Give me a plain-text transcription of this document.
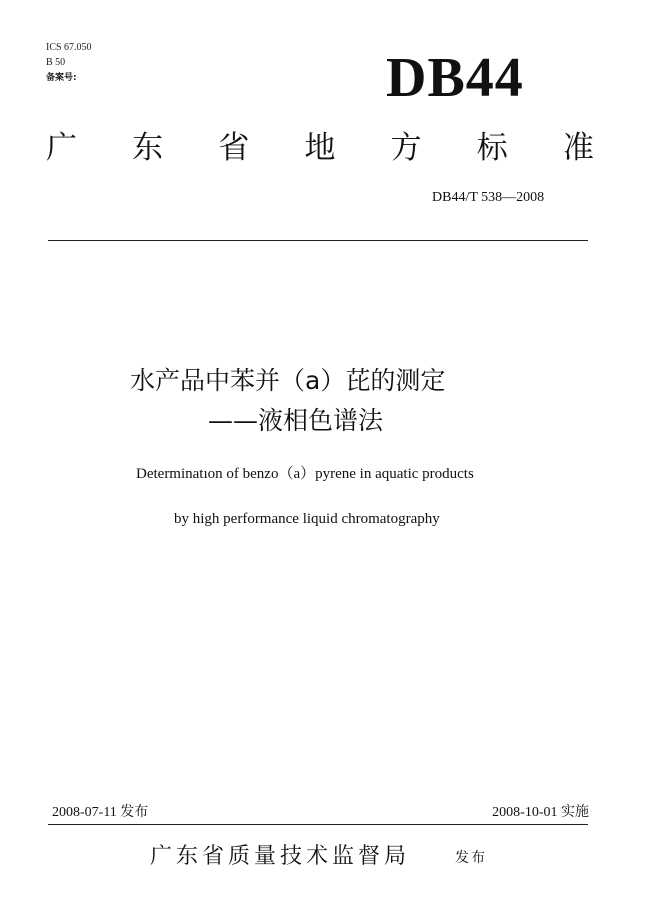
ICS 67.050
B 50
备案号:	DB44
广 东 省 地 方 标 准
DB44/T 538—2008
水产品中苯并（a）芘的测定
——液相色谱法
Determinatıon of benzo（a）pyrene in aquatic products
by high performance liquid chromatography
2008-07-11 发布	2008-10-01 实施
广东省质量技术监督局	发布
